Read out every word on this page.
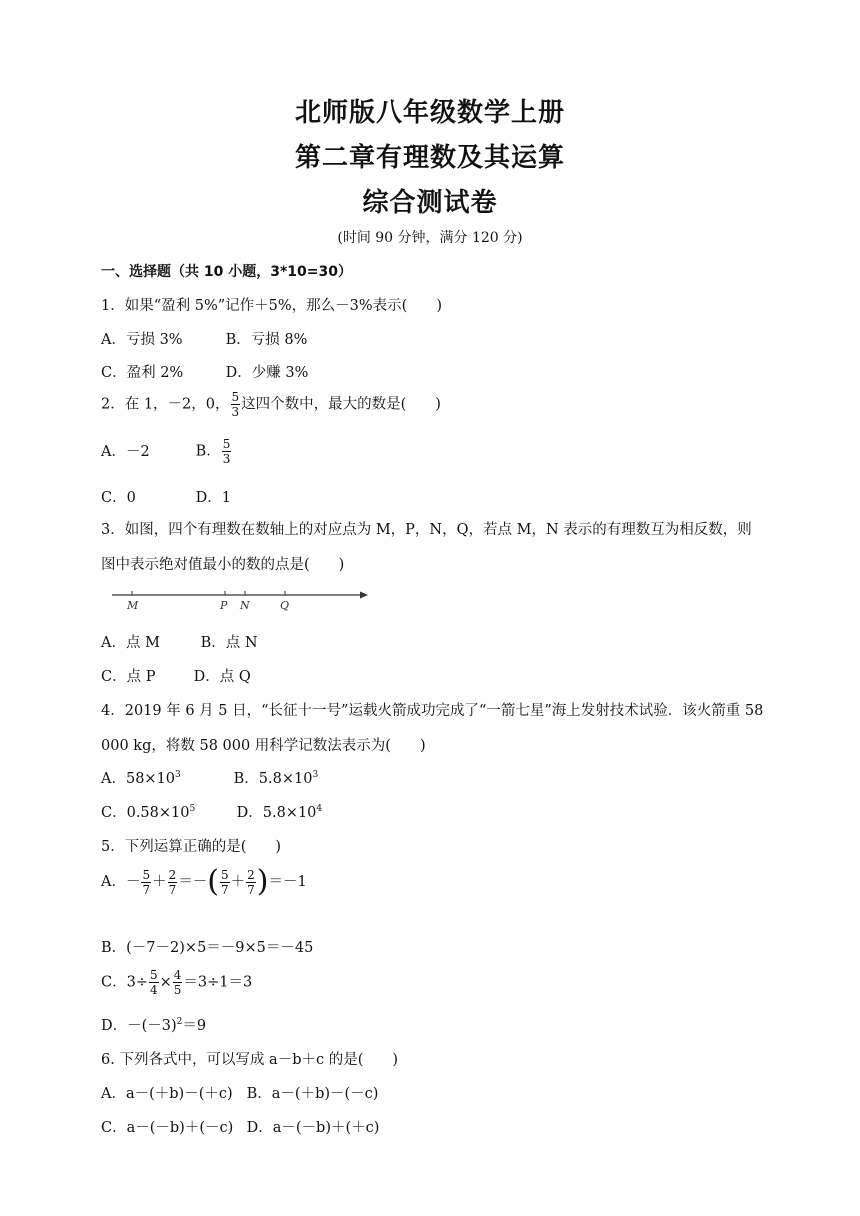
北师版八年级数学上册
第二章有理数及其运算
综合测试卷
(时间 90 分钟，满分 120 分)
一、选择题（共 10 小题，3*10=30）
1．如果“盈利 5%”记作＋5%，那么－3%表示(　　)
A．亏损 3%	B．亏损 8%
C．盈利 2%	D．少赚 3%
2．在 1，－2，0， $\frac{5}{3}$ 这四个数中，最大的数是(　　)
A．－2	B． $\frac{5}{3}$
C．0	D．1
3．如图，四个有理数在数轴上的对应点为 M，P，N，Q，若点 M，N 表示的有理数互为相反数，则
图中表示绝对值最小的数的点是(　　)
M	P N	Q
A．点 M	B．点 N
C．点 P	D．点 Q
4．2019 年 6 月 5 日，“长征十一号”运载火箭成功完成了“一箭七星”海上发射技术试验．该火箭重 58
000 kg，将数 58 000 用科学记数法表示为(　　)
A．$58\times 10^3$	B．$5.8\times 10^3$
C．$0.58\times 10^5$	D．$5.8\times 10^4$
5．下列运算正确的是(　　)
A．－ $\frac{5}{7} + \frac{2}{7}$ ＝－( $\frac{5}{7} + \frac{2}{7} )=-1$
B．(－7－2)×5＝－9×5＝－45
C．$3\div \frac{5}{4} \times \frac{4}{5} =3\div 1=3$
D．$-(-3)^2=9$
6. 下列各式中，可以写成 a－b＋c 的是(　　)
A．a－(＋b)－(＋c) B．a－(＋b)－(－c)
C．a－(－b)＋(－c) D．a－(－b)＋(＋c)
